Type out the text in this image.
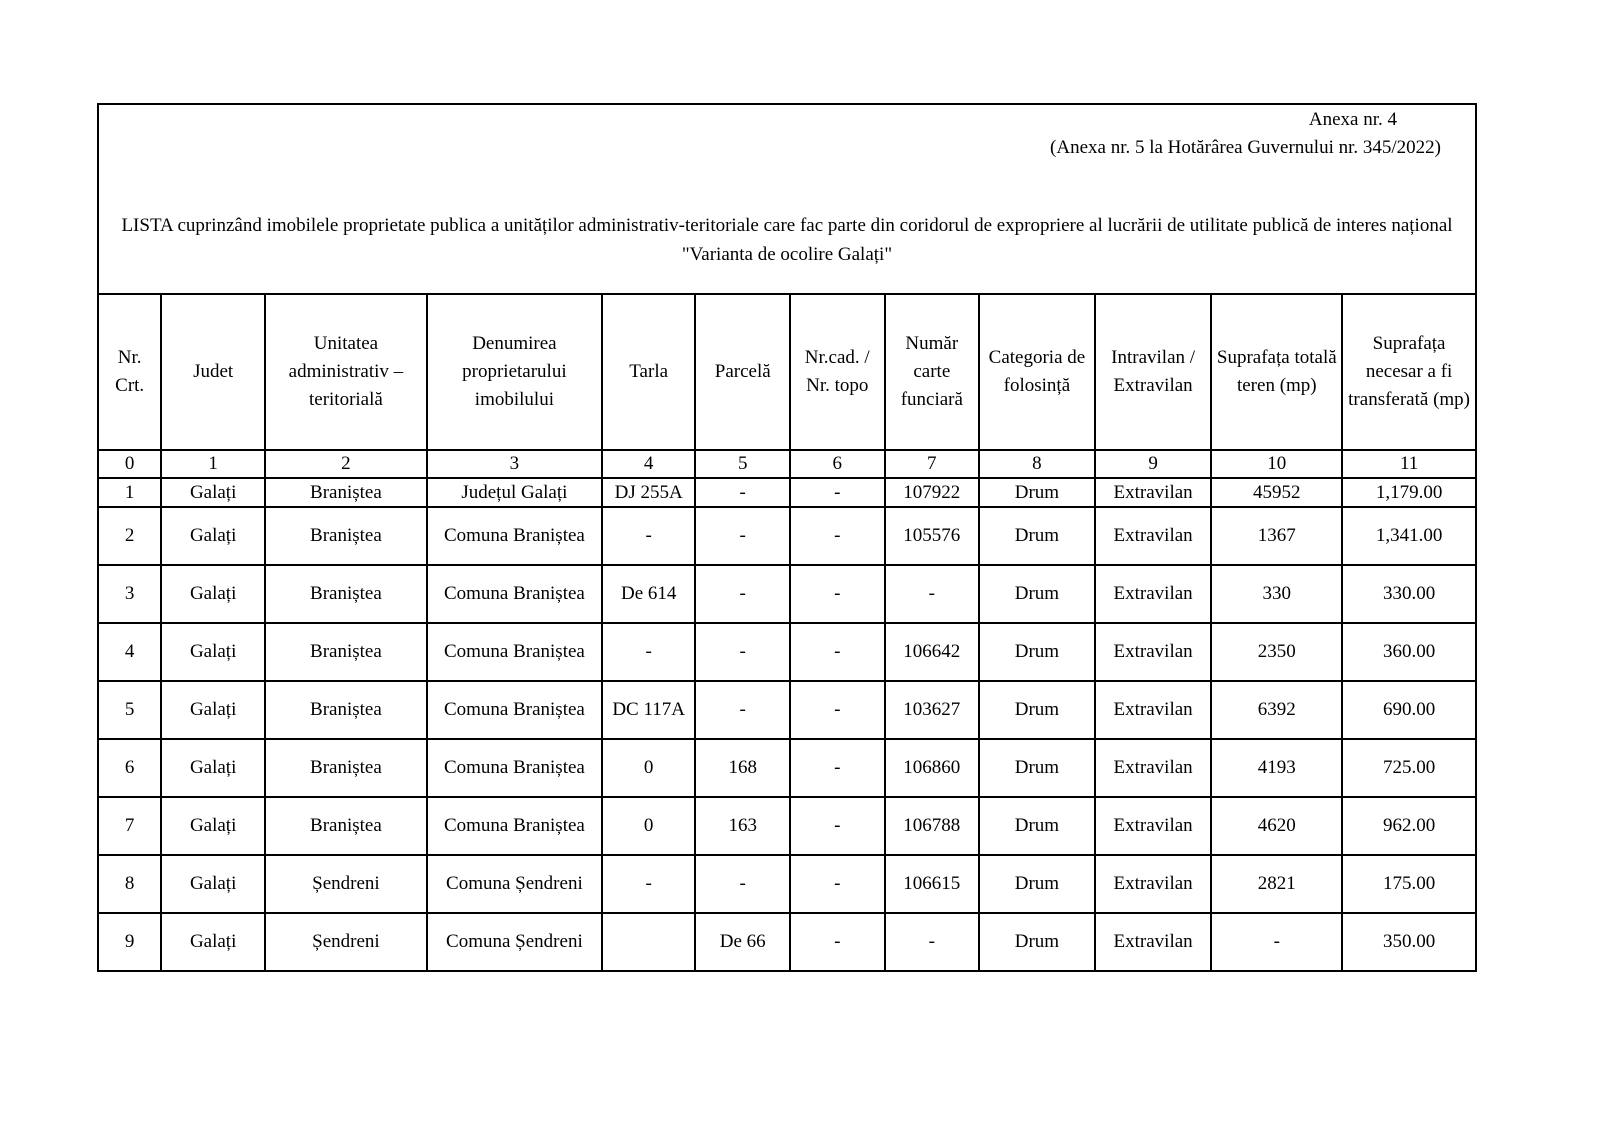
Anexa nr. 4
(Anexa nr. 5 la Hotărârea Guvernului nr. 345/2022)
LISTA cuprinzând imobilele proprietate publica a unităților administrativ-teritoriale care fac parte din coridorul de expropriere al lucrării de utilitate publică de interes național "Varianta de ocolire Galați"
Nr. Crt.	Judet	Unitatea administrativ – teritorială	Denumirea proprietarului imobilului	Tarla	Parcelă	Nr.cad. / Nr. topo	Număr carte funciară	Categoria de folosință	Intravilan / Extravilan	Suprafața totală teren (mp)	Suprafața necesar a fi transferată (mp)
0	1	2	3	4	5	6	7	8	9	10	11
1	Galați	Braniștea	Județul Galați	DJ 255A	-	-	107922	Drum	Extravilan	45952	1,179.00
2	Galați	Braniștea	Comuna Braniștea	-	-	-	105576	Drum	Extravilan	1367	1,341.00
3	Galați	Braniștea	Comuna Braniștea	De 614	-	-	-	Drum	Extravilan	330	330.00
4	Galați	Braniștea	Comuna Braniștea	-	-	-	106642	Drum	Extravilan	2350	360.00
5	Galați	Braniștea	Comuna Braniștea	DC 117A	-	-	103627	Drum	Extravilan	6392	690.00
6	Galați	Braniștea	Comuna Braniștea	0	168	-	106860	Drum	Extravilan	4193	725.00
7	Galați	Braniștea	Comuna Braniștea	0	163	-	106788	Drum	Extravilan	4620	962.00
8	Galați	Șendreni	Comuna Șendreni	-	-	-	106615	Drum	Extravilan	2821	175.00
9	Galați	Șendreni	Comuna Șendreni		De 66	-	-	Drum	Extravilan	-	350.00
